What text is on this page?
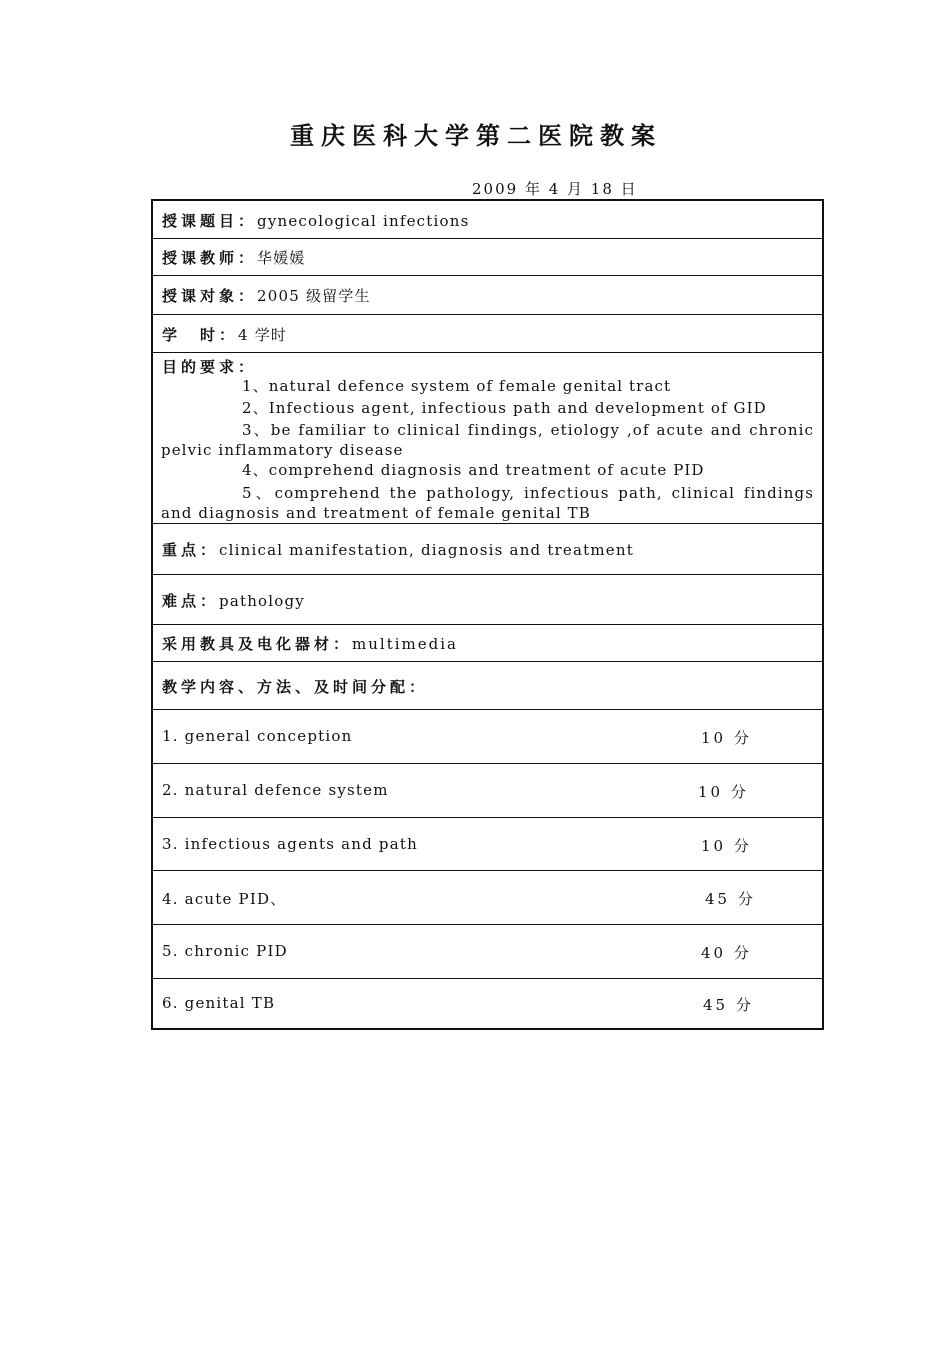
重庆医科大学第二医院教案
2009 年 4 月 18 日
授课题目：gynecological infections
授课教师：华媛媛
授课对象：2005 级留学生
学　时：4 学时
目的要求：
1、natural defence system of female genital tract
2、Infectious agent, infectious path and development of GID
3、be familiar to clinical findings, etiology ,of acute and chronic pelvic inflammatory disease
4、comprehend diagnosis and treatment of acute PID
5、comprehend the pathology, infectious path, clinical findings and diagnosis and treatment of female genital TB
重点：clinical manifestation, diagnosis and treatment
难点：pathology
采用教具及电化器材：multimedia
教学内容、方法、及时间分配：
1. general conception	10 分
2. natural defence system	10 分
3. infectious agents and path	10 分
4. acute PID、	45 分
5. chronic PID	40 分
6. genital TB	45 分
